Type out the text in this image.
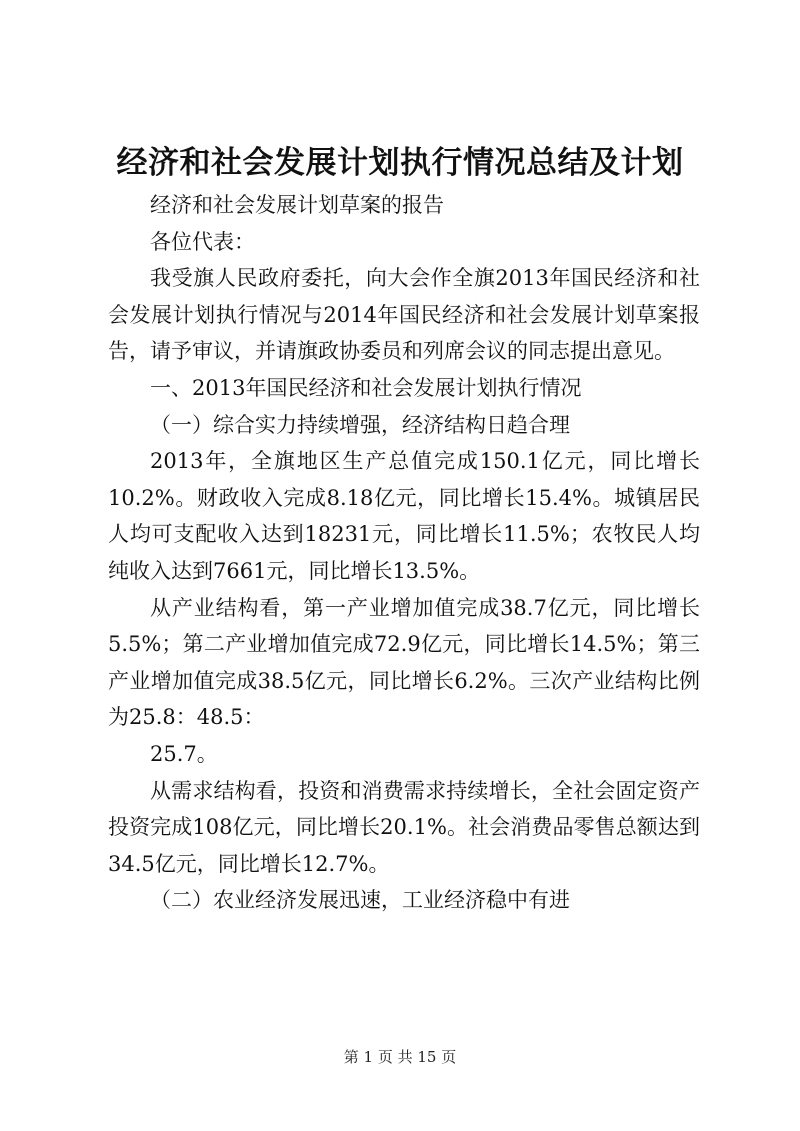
经济和社会发展计划执行情况总结及计划

经济和社会发展计划草案的报告

各位代表：

我受旗人民政府委托，向大会作全旗2013年国民经济和社会发展计划执行情况与2014年国民经济和社会发展计划草案报告，请予审议，并请旗政协委员和列席会议的同志提出意见。

一、2013年国民经济和社会发展计划执行情况

（一）综合实力持续增强，经济结构日趋合理

2013年，全旗地区生产总值完成150.1亿元，同比增长10.2%。财政收入完成8.18亿元，同比增长15.4%。城镇居民人均可支配收入达到18231元，同比增长11.5%；农牧民人均纯收入达到7661元，同比增长13.5%。

从产业结构看，第一产业增加值完成38.7亿元，同比增长5.5%；第二产业增加值完成72.9亿元，同比增长14.5%；第三产业增加值完成38.5亿元，同比增长6.2%。三次产业结构比例为25.8：48.5：

25.7。

从需求结构看，投资和消费需求持续增长，全社会固定资产投资完成108亿元，同比增长20.1%。社会消费品零售总额达到34.5亿元，同比增长12.7%。

（二）农业经济发展迅速，工业经济稳中有进

第 1 页 共 15 页
